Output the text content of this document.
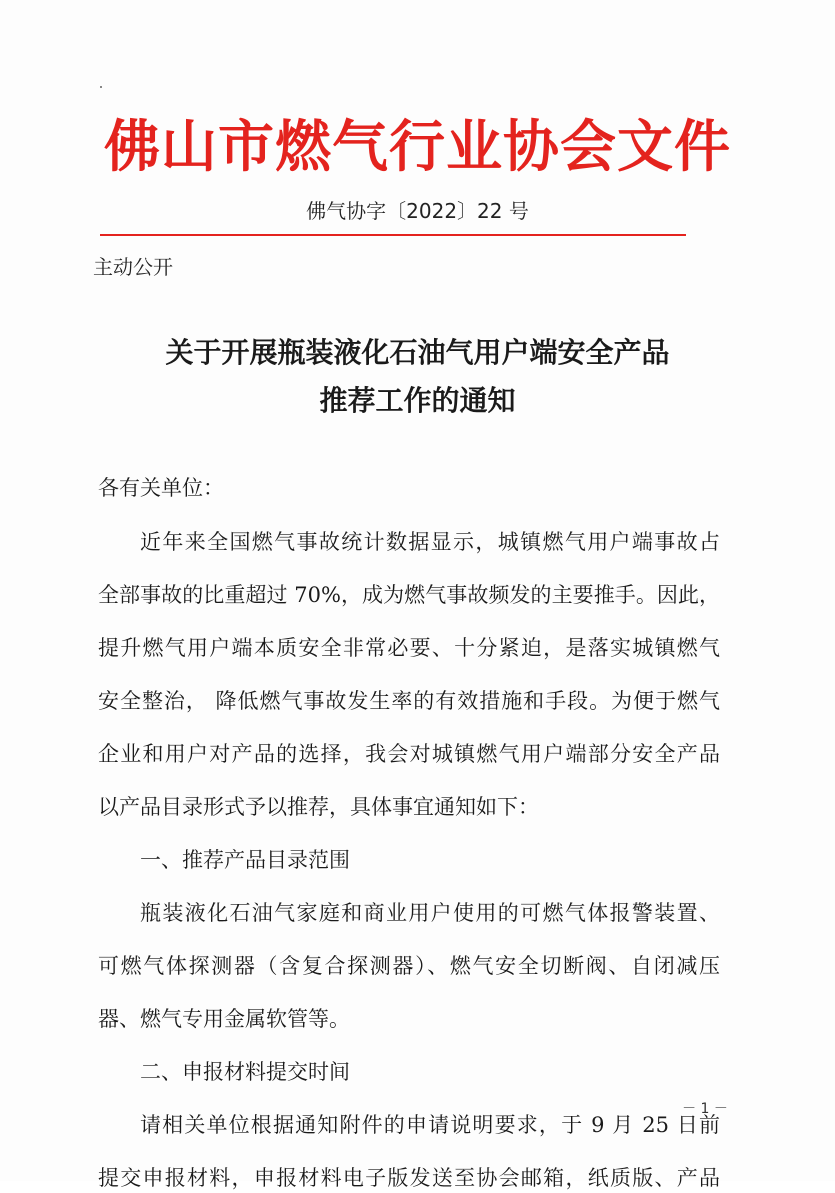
佛山市燃气行业协会文件
佛气协字〔2022〕22 号
主动公开
关于开展瓶装液化石油气用户端安全产品
推荐工作的通知
各有关单位：
近年来全国燃气事故统计数据显示，城镇燃气用户端事故占
全部事故的比重超过 70%，成为燃气事故频发的主要推手。因此，
提升燃气用户端本质安全非常必要、十分紧迫，是落实城镇燃气
安全整治， 降低燃气事故发生率的有效措施和手段。为便于燃气
企业和用户对产品的选择，我会对城镇燃气用户端部分安全产品
以产品目录形式予以推荐，具体事宜通知如下：
一、推荐产品目录范围
瓶装液化石油气家庭和商业用户使用的可燃气体报警装置、
可燃气体探测器（含复合探测器）、燃气安全切断阀、自闭减压
器、燃气专用金属软管等。
二、申报材料提交时间
请相关单位根据通知附件的申请说明要求，于 9 月 25 日前
提交申报材料，申报材料电子版发送至协会邮箱，纸质版、产品
－ 1 －
